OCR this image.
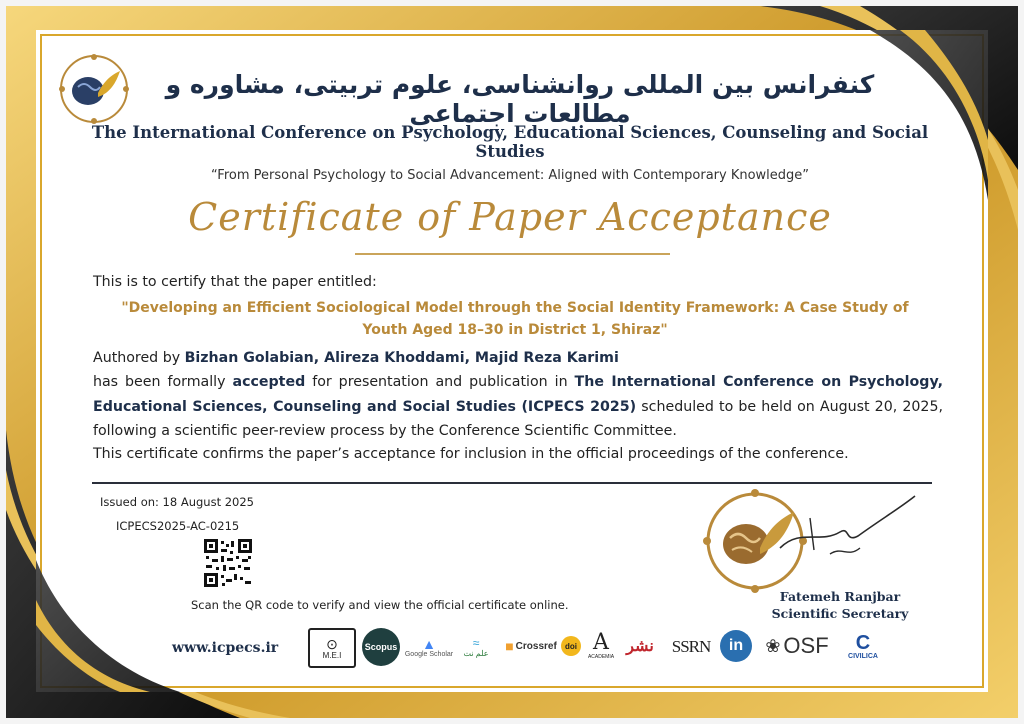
کنفرانس بین المللی روانشناسی، علوم تربیتی، مشاوره و مطالعات اجتماعی
The International Conference on Psychology, Educational Sciences, Counseling and Social Studies
“From Personal Psychology to Social Advancement: Aligned with Contemporary Knowledge”
Certificate of Paper Acceptance
This is to certify that the paper entitled:
"Developing an Efficient Sociological Model through the Social Identity Framework: A Case Study of Youth Aged 18–30 in District 1, Shiraz"
Authored by Bizhan Golabian, Alireza Khoddami, Majid Reza Karimi
has been formally accepted for presentation and publication in The International Conference on Psychology, Educational Sciences, Counseling and Social Studies (ICPECS 2025) scheduled to be held on August 20, 2025, following a scientific peer-review process by the Conference Scientific Committee.
This certificate confirms the paper’s acceptance for inclusion in the official proceedings of the conference.
Issued on: 18 August 2025
ICPECS2025-AC-0215
Scan the QR code to verify and view the official certificate online.
Fatemeh Ranjbar
Scientific Secretary
www.icpecs.ir	⊙
M.E.I
Scopus ▲
Google Scholar
≈
علم نت ■ Crossref	doi A
ACADEMIA
نشر	SSRN	in	❀ OSF C
CIVILICA
